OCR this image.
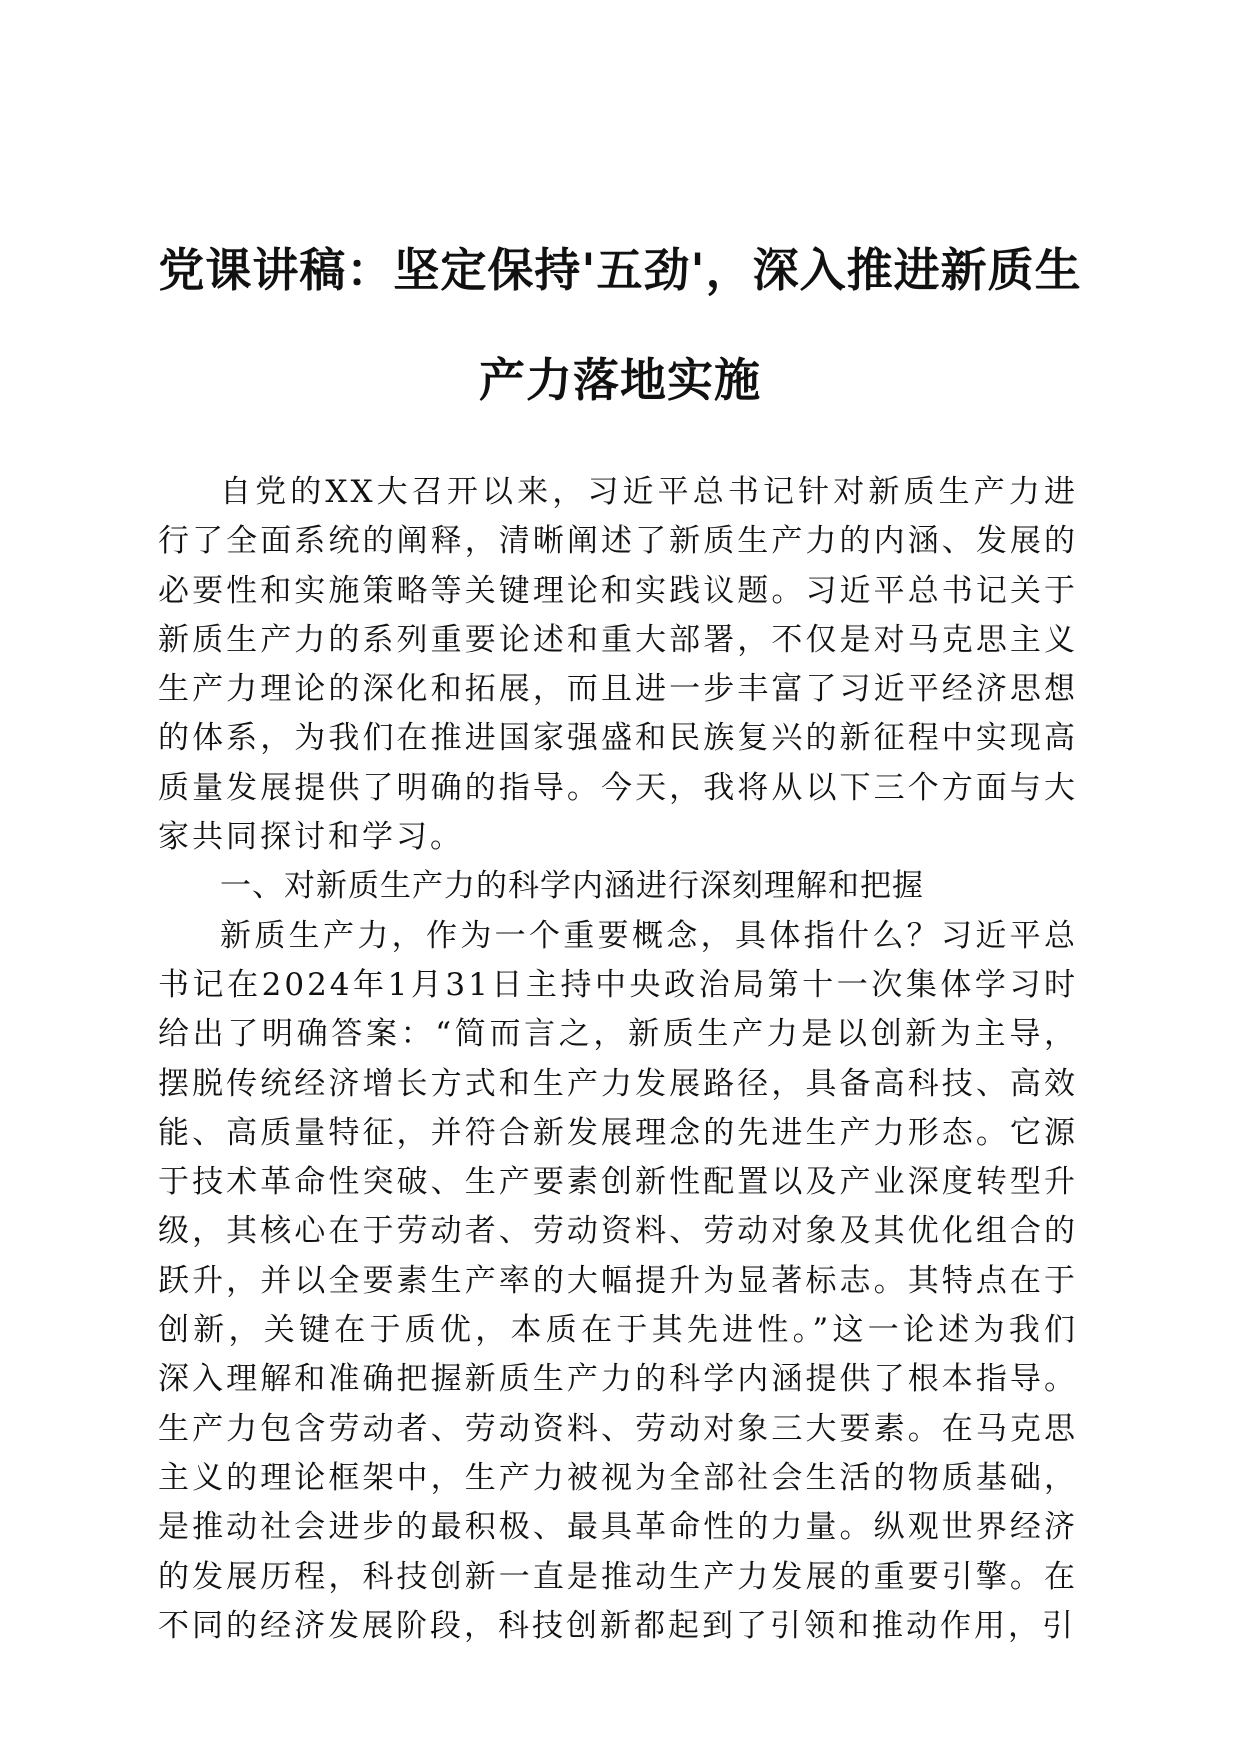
党课讲稿：坚定保持'五劲'，深入推进新质生
产力落地实施

自党的XX大召开以来，习近平总书记针对新质生产力进行了全面系统的阐释，清晰阐述了新质生产力的内涵、发展的必要性和实施策略等关键理论和实践议题。习近平总书记关于新质生产力的系列重要论述和重大部署，不仅是对马克思主义生产力理论的深化和拓展，而且进一步丰富了习近平经济思想的体系，为我们在推进国家强盛和民族复兴的新征程中实现高质量发展提供了明确的指导。今天，我将从以下三个方面与大家共同探讨和学习。

一、对新质生产力的科学内涵进行深刻理解和把握

新质生产力，作为一个重要概念，具体指什么？习近平总书记在2024年1月31日主持中央政治局第十一次集体学习时给出了明确答案：“简而言之，新质生产力是以创新为主导，摆脱传统经济增长方式和生产力发展路径，具备高科技、高效能、高质量特征，并符合新发展理念的先进生产力形态。它源于技术革命性突破、生产要素创新性配置以及产业深度转型升级，其核心在于劳动者、劳动资料、劳动对象及其优化组合的跃升，并以全要素生产率的大幅提升为显著标志。其特点在于创新，关键在于质优，本质在于其先进性。”这一论述为我们深入理解和准确把握新质生产力的科学内涵提供了根本指导。生产力包含劳动者、劳动资料、劳动对象三大要素。在马克思主义的理论框架中，生产力被视为全部社会生活的物质基础，是推动社会进步的最积极、最具革命性的力量。纵观世界经济的发展历程，科技创新一直是推动生产力发展的重要引擎。在不同的经济发展阶段，科技创新都起到了引领和推动作用，引
